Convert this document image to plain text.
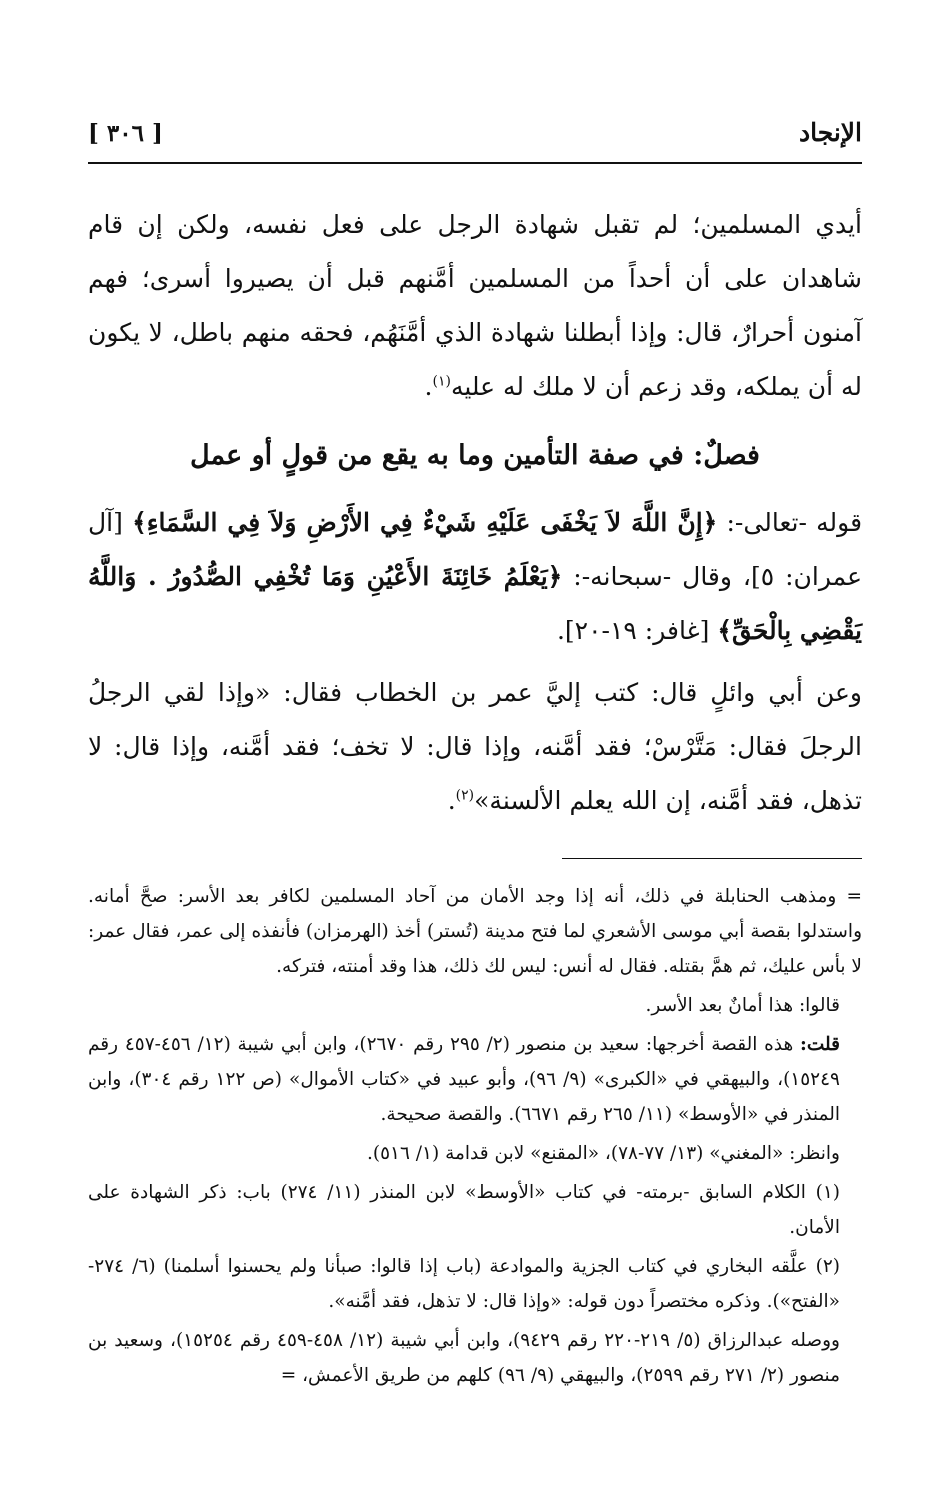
الإنجاد
[ ٣٠٦ ]

أيدي المسلمين؛ لم تقبل شهادة الرجل على فعل نفسه، ولكن إن قام شاهدان على أن أحداً من المسلمين أمَّنهم قبل أن يصيروا أسرى؛ فهم آمنون أحرارٌ، قال: وإذا أبطلنا شهادة الذي أمَّنَهُم، فحقه منهم باطل، لا يكون له أن يملكه، وقد زعم أن لا ملك له عليه$^{(١)}$.

فصلٌ: في صفة التأمين وما به يقع من قولٍ أو عمل

قوله -تعالى-: ﴿إِنَّ اللَّهَ لاَ يَخْفَى عَلَيْهِ شَيْءٌ فِي الأَرْضِ وَلاَ فِي السَّمَاءِ﴾ [آل عمران: ٥]، وقال -سبحانه-: ﴿يَعْلَمُ خَائِنَةَ الأَعْيُنِ وَمَا تُخْفِي الصُّدُورُ . وَاللَّهُ يَقْضِي بِالْحَقِّ﴾ [غافر: ١٩-٢٠].

وعن أبي وائلٍ قال: كتب إليَّ عمر بن الخطاب فقال: «وإذا لقي الرجلُ الرجلَ فقال: مَتَّرْسْ؛ فقد أمَّنه، وإذا قال: لا تخف؛ فقد أمَّنه، وإذا قال: لا تذهل، فقد أمَّنه، إن الله يعلم الألسنة»$^{(٢)}$.

= ومذهب الحنابلة في ذلك، أنه إذا وجد الأمان من آحاد المسلمين لكافر بعد الأسر: صحَّ أمانه. واستدلوا بقصة أبي موسى الأشعري لما فتح مدينة (تُستر) أخذ (الهرمزان) فأنفذه إلى عمر، فقال عمر: لا بأس عليك، ثم همَّ بقتله. فقال له أنس: ليس لك ذلك، هذا وقد أمنته، فتركه.

قالوا: هذا أمانٌ بعد الأسر.

قلت: هذه القصة أخرجها: سعيد بن منصور (٢/ ٢٩٥ رقم ٢٦٧٠)، وابن أبي شيبة (١٢/ ٤٥٦-٤٥٧ رقم ١٥٢٤٩)، والبيهقي في «الكبرى» (٩/ ٩٦)، وأبو عبيد في «كتاب الأموال» (ص ١٢٢ رقم ٣٠٤)، وابن المنذر في «الأوسط» (١١/ ٢٦٥ رقم ٦٦٧١). والقصة صحيحة.

وانظر: «المغني» (١٣/ ٧٧-٧٨)، «المقنع» لابن قدامة (١/ ٥١٦).

(١) الكلام السابق -برمته- في كتاب «الأوسط» لابن المنذر (١١/ ٢٧٤) باب: ذكر الشهادة على الأمان.

(٢) علَّقه البخاري في كتاب الجزية والموادعة (باب إذا قالوا: صبأنا ولم يحسنوا أسلمنا) (٦/ ٢٧٤- «الفتح»). وذكره مختصراً دون قوله: «وإذا قال: لا تذهل، فقد أمَّنه».

ووصله عبدالرزاق (٥/ ٢١٩-٢٢٠ رقم ٩٤٢٩)، وابن أبي شيبة (١٢/ ٤٥٨-٤٥٩ رقم ١٥٢٥٤)، وسعيد بن منصور (٢/ ٢٧١ رقم ٢٥٩٩)، والبيهقي (٩/ ٩٦) كلهم من طريق الأعمش، =
